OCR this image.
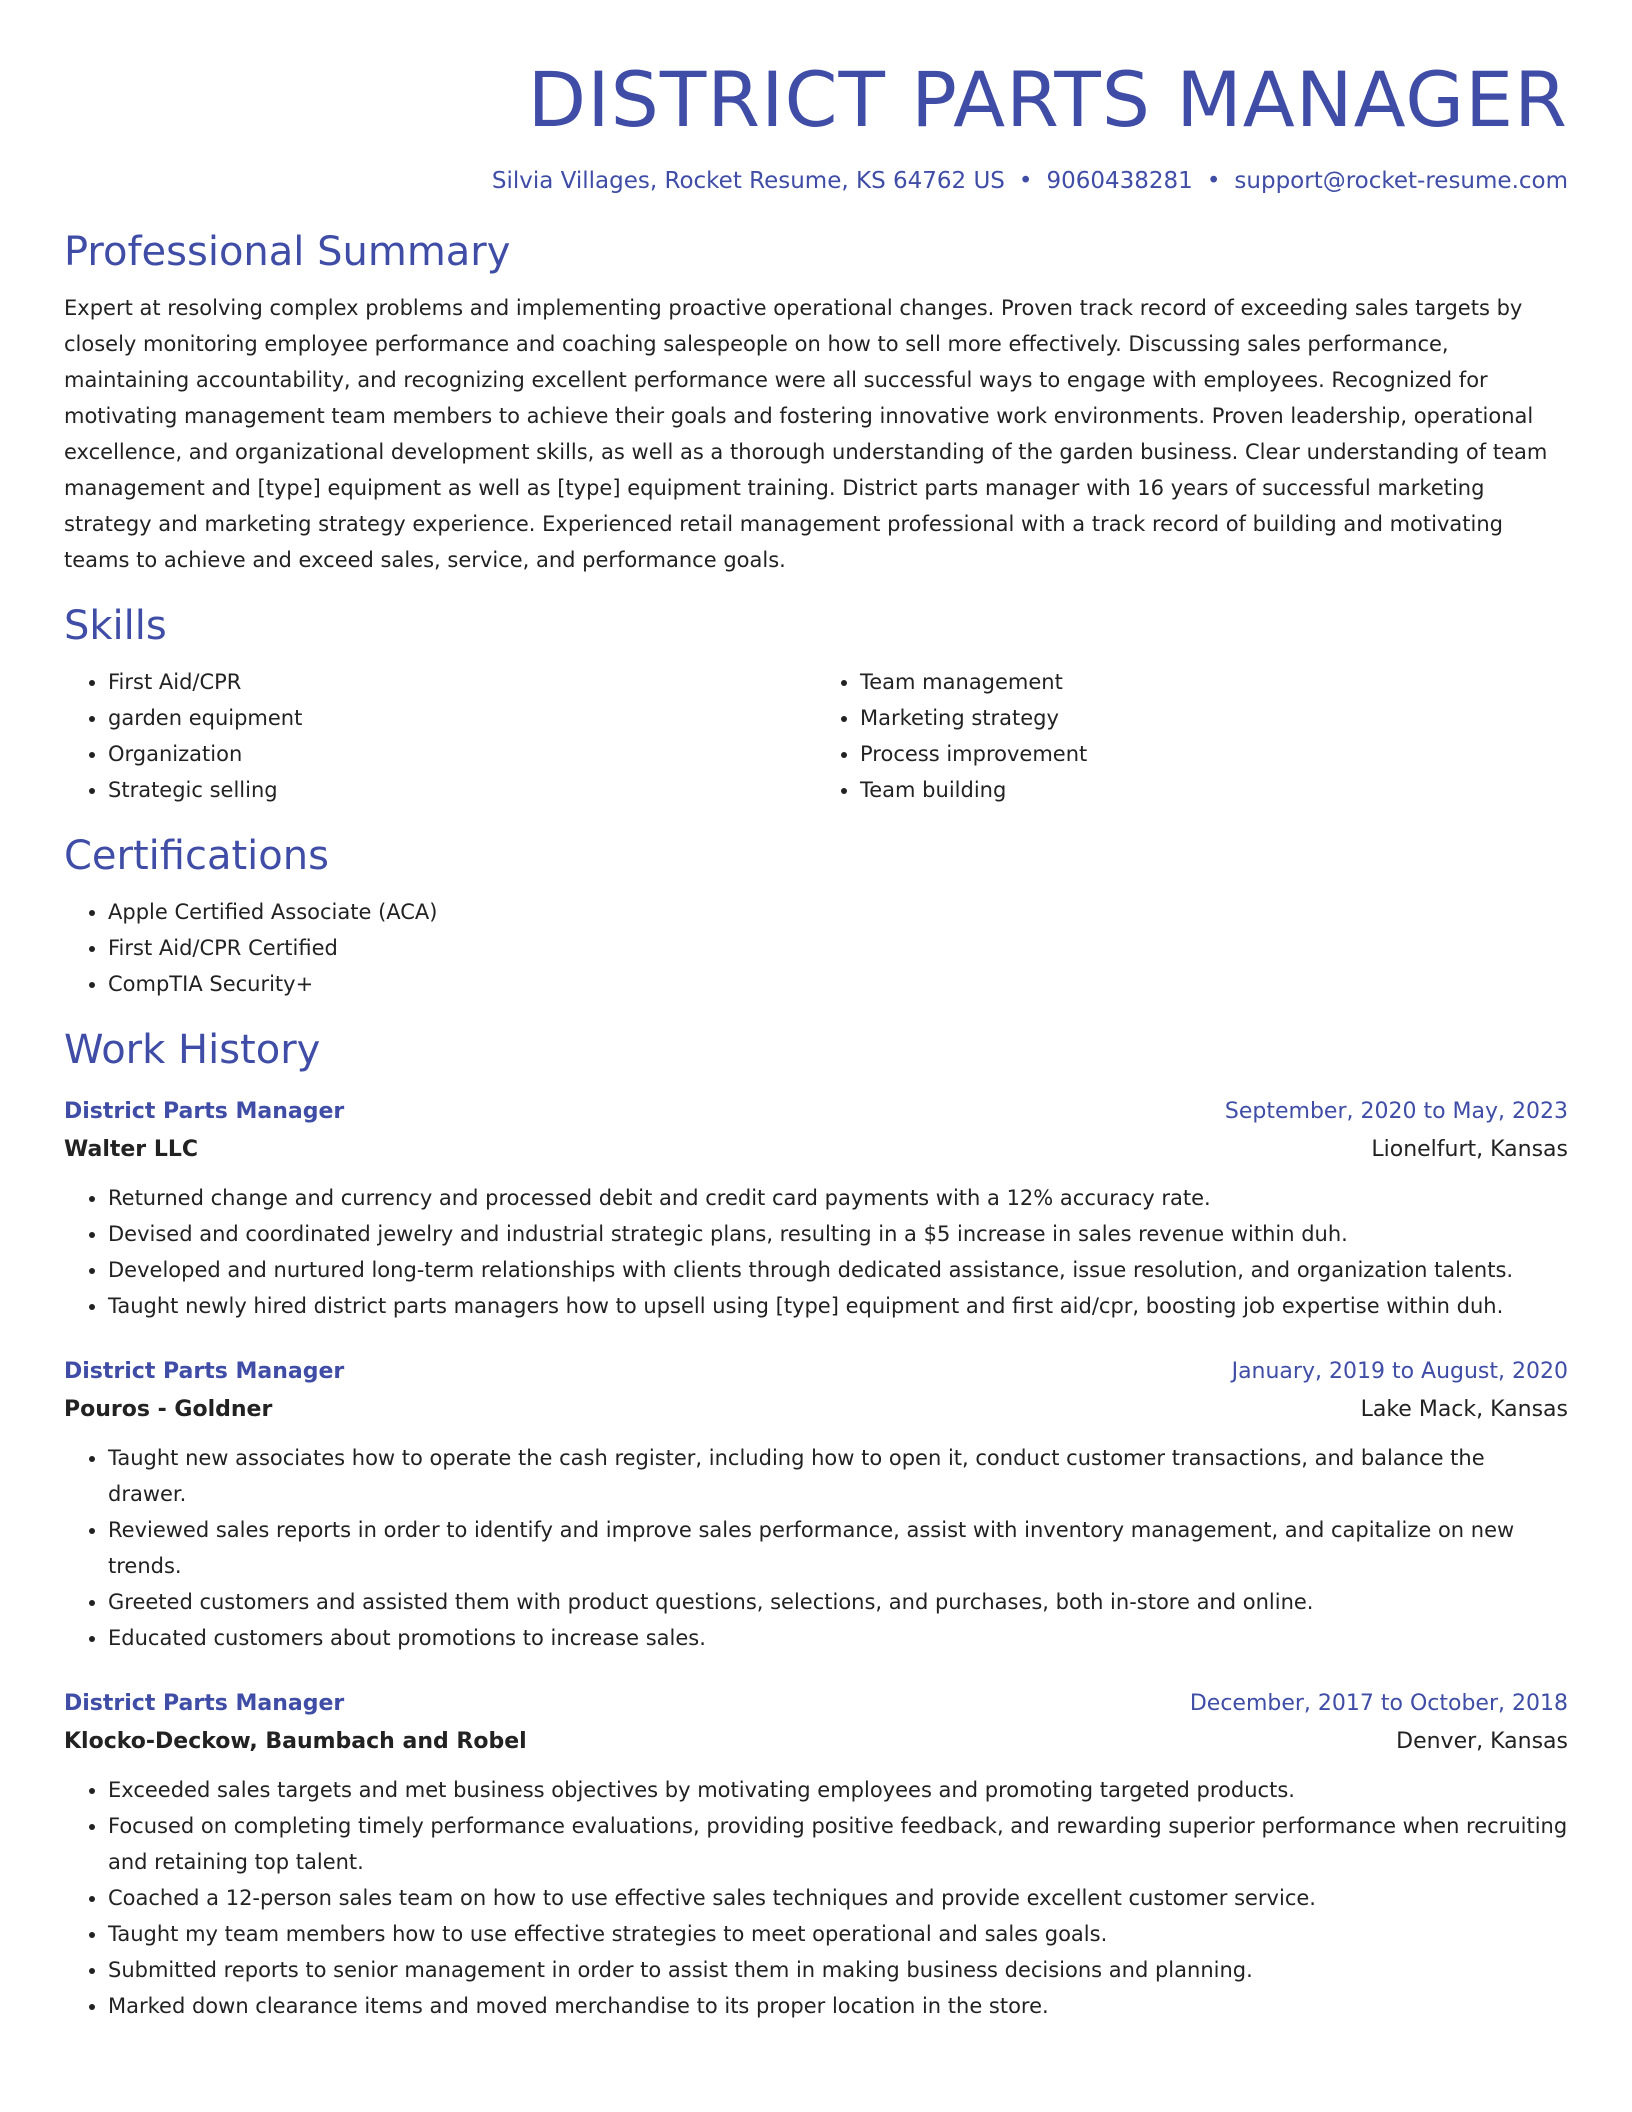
DISTRICT PARTS MANAGER
Silvia Villages, Rocket Resume, KS 64762 US • 9060438281 • support@rocket-resume.com
Professional Summary
Expert at resolving complex problems and implementing proactive operational changes. Proven track record of exceeding sales targets by closely monitoring employee performance and coaching salespeople on how to sell more effectively. Discussing sales performance, maintaining accountability, and recognizing excellent performance were all successful ways to engage with employees. Recognized for motivating management team members to achieve their goals and fostering innovative work environments. Proven leadership, operational excellence, and organizational development skills, as well as a thorough understanding of the garden business. Clear understanding of team management and [type] equipment as well as [type] equipment training. District parts manager with 16 years of successful marketing strategy and marketing strategy experience. Experienced retail management professional with a track record of building and motivating teams to achieve and exceed sales, service, and performance goals.
Skills
• First Aid/CPR
• garden equipment
• Organization
• Strategic selling
• Team management
• Marketing strategy
• Process improvement
• Team building
Certifications
• Apple Certified Associate (ACA)
• First Aid/CPR Certified
• CompTIA Security+
Work History
District Parts Manager	September, 2020 to May, 2023
Walter LLC	Lionelfurt, Kansas
• Returned change and currency and processed debit and credit card payments with a 12% accuracy rate.
• Devised and coordinated jewelry and industrial strategic plans, resulting in a $5 increase in sales revenue within duh.
• Developed and nurtured long-term relationships with clients through dedicated assistance, issue resolution, and organization talents.
• Taught newly hired district parts managers how to upsell using [type] equipment and first aid/cpr, boosting job expertise within duh.
District Parts Manager	January, 2019 to August, 2020
Pouros - Goldner	Lake Mack, Kansas
• Taught new associates how to operate the cash register, including how to open it, conduct customer transactions, and balance the drawer.
• Reviewed sales reports in order to identify and improve sales performance, assist with inventory management, and capitalize on new trends.
• Greeted customers and assisted them with product questions, selections, and purchases, both in-store and online.
• Educated customers about promotions to increase sales.
District Parts Manager	December, 2017 to October, 2018
Klocko-Deckow, Baumbach and Robel	Denver, Kansas
• Exceeded sales targets and met business objectives by motivating employees and promoting targeted products.
• Focused on completing timely performance evaluations, providing positive feedback, and rewarding superior performance when recruiting and retaining top talent.
• Coached a 12-person sales team on how to use effective sales techniques and provide excellent customer service.
• Taught my team members how to use effective strategies to meet operational and sales goals.
• Submitted reports to senior management in order to assist them in making business decisions and planning.
• Marked down clearance items and moved merchandise to its proper location in the store.
